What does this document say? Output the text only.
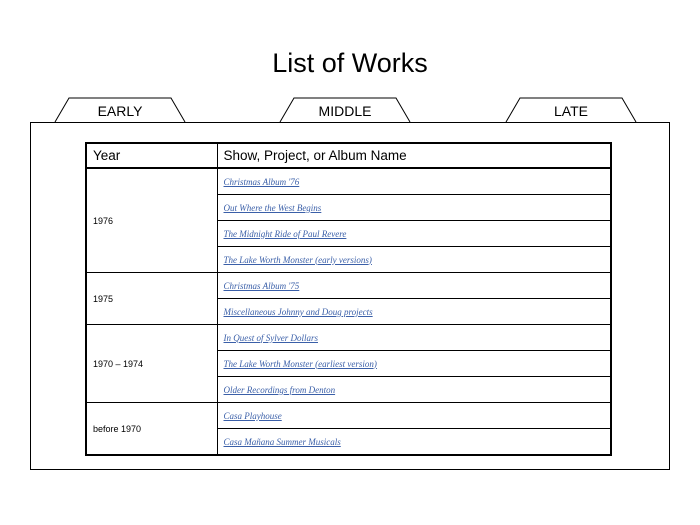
List of Works
EARLY	MIDDLE	LATE
Year	Show, Project, or Album Name
1976	Christmas Album '76
	Out Where the West Begins
	The Midnight Ride of Paul Revere
	The Lake Worth Monster (early versions)
1975	Christmas Album '75
	Miscellaneous Johnny and Doug projects
1970 – 1974	In Quest of Sylver Dollars
	The Lake Worth Monster (earliest version)
	Older Recordings from Denton
before 1970	Casa Playhouse
	Casa Mañana Summer Musicals
